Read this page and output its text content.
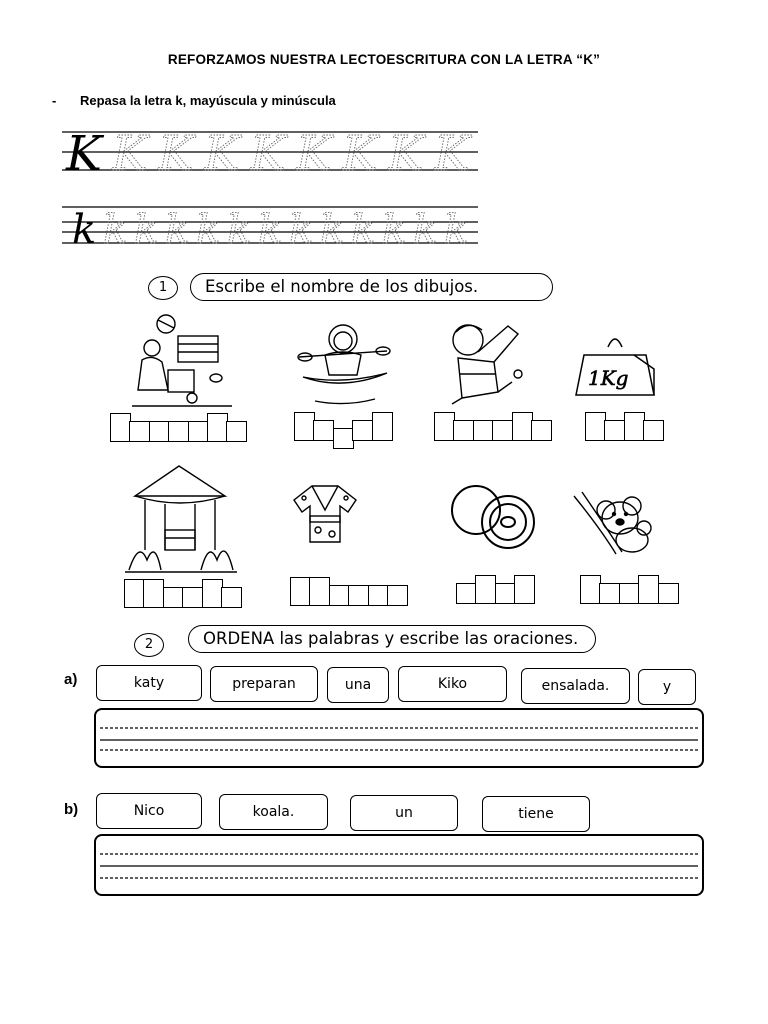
REFORZAMOS NUESTRA LECTOESCRITURA CON LA LETRA “K”
- Repasa la letra k, mayúscula y minúscula
K K K K K K K K K
k k k k k k k k k k k k k
1	Escribe el nombre de los dibujos.
1Kg
2	ORDENA las palabras y escribe las oraciones.
a)	katy	preparan	una	Kiko	ensalada.	y
b)	Nico	koala.	un	tiene
